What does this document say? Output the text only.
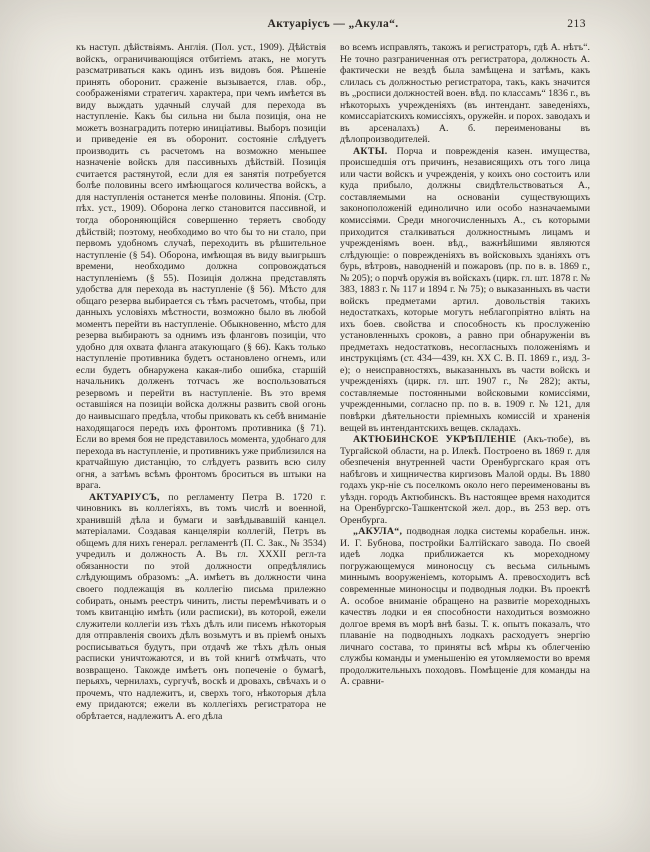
Актуаріусъ — „Акула“.	213

къ наступ. дѣйствіямъ. Англія. (Пол. уст., 1909). Дѣйствія войскъ, ограничивающіяся отбитіемъ атакъ, не могутъ разсматриваться какъ одинъ изъ видовъ боя. Рѣшеніе принять оборонит. сраженіе вызывается, глав. обр., соображеніями стратегич. характера, при чемъ имѣется въ виду выждать удачный случай для перехода въ наступленіе. Какъ бы сильна ни была позиція, она не можетъ вознаградить потерю иниціативы. Выборъ позиціи и приведеніе ея въ оборонит. состояніе слѣдуетъ производить съ расчетомъ на возможно меньшее назначеніе войскъ для пассивныхъ дѣйствій. Позиція считается растянутой, если для ея занятія потребуется болѣе половины всего имѣющагося количества войскъ, а для наступленія останется менѣе половины. Японія. (Стр. пѣх. уст., 1909). Оборона легко становится пассивной, и тогда обороняющійся совершенно теряетъ свободу дѣйствій; поэтому, необходимо во что бы то ни стало, при первомъ удобномъ случаѣ, переходить въ рѣшительное наступленіе (§ 54). Оборона, имѣющая въ виду выигрышъ времени, необходимо должна сопровождаться наступленіемъ (§ 55). Позиція должна представлять удобства для перехода въ наступленіе (§ 56). Мѣсто для общаго резерва выбирается съ тѣмъ расчетомъ, чтобы, при данныхъ условіяхъ мѣстности, возможно было въ любой моментъ перейти въ наступленіе. Обыкновенно, мѣсто для резерва выбираютъ за однимъ изъ фланговъ позиціи, что удобно для охвата фланга атакующаго (§ 66). Какъ только наступленіе противника будетъ остановлено огнемъ, или если будетъ обнаружена какая-либо ошибка, старшій начальникъ долженъ тотчасъ же воспользоваться резервомъ и перейти въ наступленіе. Въ это время оставшіяся на позиціи войска должны развить свой огонь до наивысшаго предѣла, чтобы приковать къ себѣ вниманіе находящагося передъ ихъ фронтомъ противника (§ 71). Если во время боя не представилось момента, удобнаго для перехода въ наступленіе, и противникъ уже приблизился на кратчайшую дистанцію, то слѣдуетъ развить всю силу огня, а затѣмъ всѣмъ фронтомъ броситься въ штыки на врага.

АКТУАРІУСЪ, по регламенту Петра В. 1720 г. чиновникъ въ коллегіяхъ, въ томъ числѣ и военной, хранившій дѣла и бумаги и завѣдывавшій канцел. матеріалами. Создавая канцеляріи коллегій, Петръ въ общемъ для нихъ генерал. регламентѣ (П. С. Зак., № 3534) учредилъ и должность А. Въ гл. XXXII регл-та обязанности по этой должности опредѣлялись слѣдующимъ образомъ: „А. имѣетъ въ должности чина своего подлежащія въ коллегію письма прилежно собирать, онымъ реестръ чинить, листы перемѣчивать и о томъ квитанцію имѣть (или расписки), въ которой, ежели служители коллегіи изъ тѣхъ дѣлъ или писемъ нѣкоторыя для отправленія своихъ дѣлъ возьмутъ и въ пріемѣ оныхъ росписываться будутъ, при отдачѣ же тѣхъ дѣлъ оныя расписки уничтожаются, и въ той книгѣ отмѣчать, что возвращено. Такожде имѣетъ онъ попеченіе о бумагѣ, перьяхъ, чернилахъ, сургучѣ, воскѣ и дровахъ, свѣчахъ и о прочемъ, что надлежитъ, и, сверхъ того, нѣкоторыя дѣла ему придаются; ежели въ коллегіяхъ регистратора не обрѣтается, надлежитъ А. его дѣла

во всемъ исправлять, такожъ и регистраторъ, гдѣ А. нѣтъ“. Не точно разграниченная отъ регистратора, должность А. фактически не вездѣ была замѣщена и затѣмъ, какъ слилась съ должностью регистратора, такъ, какъ значится въ „росписи должностей воен. вѣд. по классамъ“ 1836 г., въ нѣкоторыхъ учрежденіяхъ (въ интендант. заведеніяхъ, комиссаріатскихъ комиссіяхъ, оружейн. и порох. заводахъ и въ арсеналахъ) А. б. переименованы въ дѣлопроизводителей.

АКТЫ. Порча и поврежденія казен. имущества, происшедшія отъ причинъ, независящихъ отъ того лица или части войскъ и учрежденія, у коихъ оно состоитъ или куда прибыло, должны свидѣтельствоваться А., составляемыми на основаніи существующихъ законоположеній единолично или особо назначаемыми комиссіями. Среди многочисленныхъ А., съ которыми приходится сталкиваться должностнымъ лицамъ и учрежденіямъ воен. вѣд., важнѣйшими являются слѣдующіе: о поврежденіяхъ въ войсковыхъ зданіяхъ отъ бурь, вѣтровъ, наводненій и пожаровъ (пр. по в. в. 1869 г., № 205); о порчѣ оружія въ войскахъ (цирк. гл. шт. 1878 г. № 383, 1883 г. № 117 и 1894 г. № 75); о выказанныхъ въ части войскъ предметами артил. довольствія такихъ недостаткахъ, которые могутъ неблагопріятно вліять на ихъ боев. свойства и способность къ прослуженію установленныхъ сроковъ, а равно при обнаруженіи въ предметахъ недостатковъ, несогласныхъ положеніямъ и инструкціямъ (ст. 434—439, кн. XX С. В. П. 1869 г., изд. 3-е); о неисправностяхъ, выказанныхъ въ части войскъ и учрежденіяхъ (цирк. гл. шт. 1907 г., № 282); акты, составляемые постоянными войсковыми комиссіями, учрежденными, согласно пр. по в. в. 1909 г. № 121, для повѣрки дѣятельности пріемныхъ комиссій и храненія вещей въ интендантскихъ вещев. складахъ.

АКТЮБИНСКОЕ УКРѢПЛЕНІЕ (Акъ-тюбе), въ Тургайской области, на р. Илекѣ. Построено въ 1869 г. для обезпеченія внутренней части Оренбургскаго края отъ набѣговъ и хищничества киргизовъ Малой орды. Въ 1880 годахъ укр-ніе съ поселкомъ около него переименованы въ уѣздн. городъ Актюбинскъ. Въ настоящее время находится на Оренбургско-Ташкентской жел. дор., въ 253 вер. отъ Оренбурга.

„АКУЛА“, подводная лодка системы корабельн. инж. И. Г. Бубнова, постройки Балтійскаго завода. По своей идеѣ лодка приближается къ мореходному погружающемуся миноносцу съ весьма сильнымъ миннымъ вооруженіемъ, которымъ А. превосходитъ всѣ современные миноносцы и подводныя лодки. Въ проектѣ А. особое вниманіе обращено на развитіе мореходныхъ качествъ лодки и ея способности находиться возможно долгое время въ морѣ внѣ базы. Т. к. опытъ показалъ, что плаваніе на подводныхъ лодкахъ расходуетъ энергію личнаго состава, то приняты всѣ мѣры къ облегченію службы команды и уменьшенію ея утомляемости во время продолжительныхъ походовъ. Помѣщеніе для команды на А. сравни-
